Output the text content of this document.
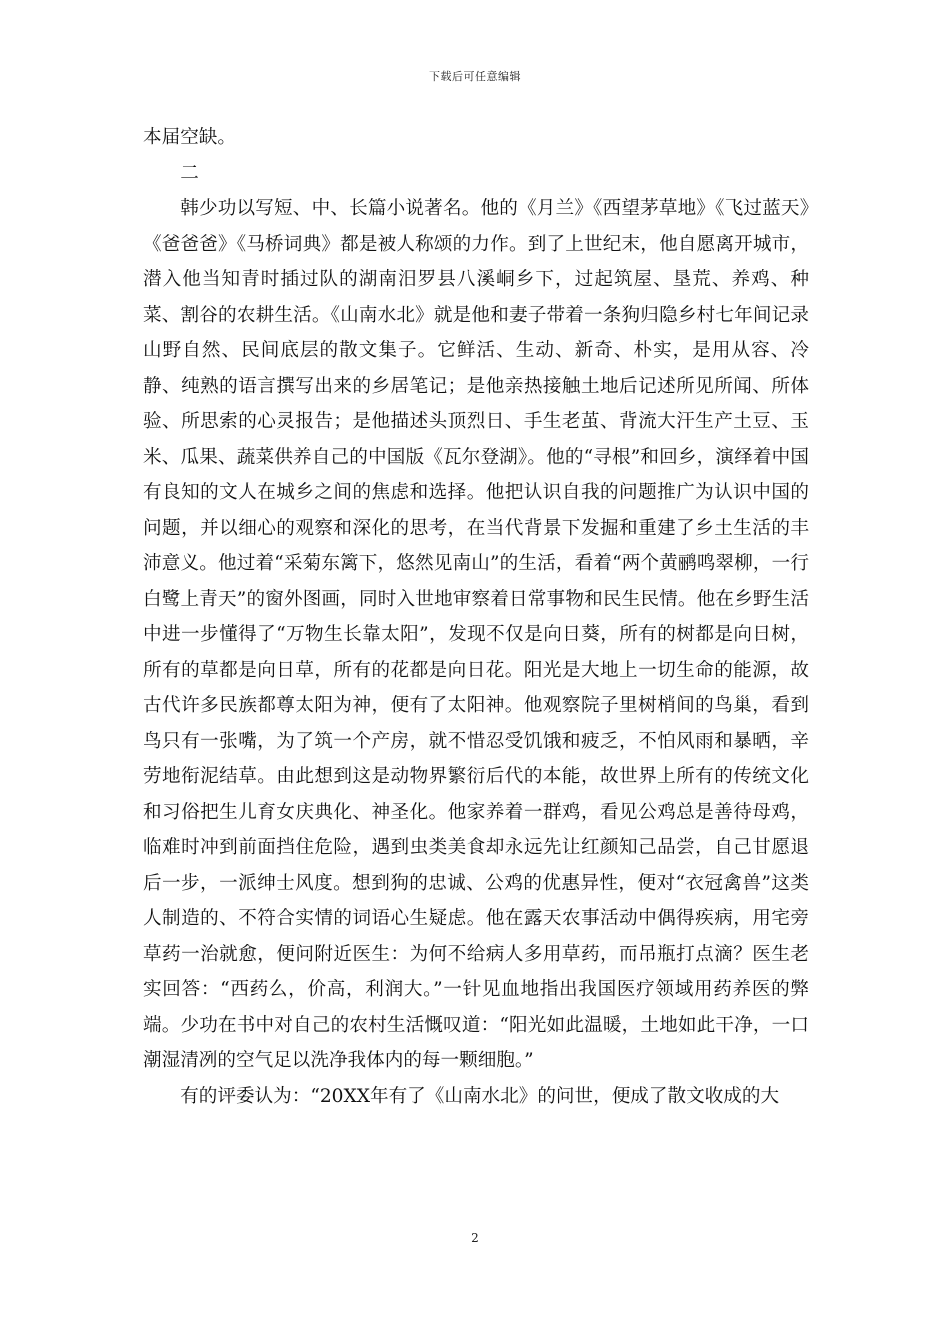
下载后可任意编辑

本届空缺。

二

韩少功以写短、中、长篇小说著名。他的《月兰》《西望茅草地》《飞过蓝天》《爸爸爸》《马桥词典》都是被人称颂的力作。到了上世纪末，他自愿离开城市，潜入他当知青时插过队的湖南汨罗县八溪峒乡下，过起筑屋、垦荒、养鸡、种菜、割谷的农耕生活。《山南水北》就是他和妻子带着一条狗归隐乡村七年间记录山野自然、民间底层的散文集子。它鲜活、生动、新奇、朴实，是用从容、冷静、纯熟的语言撰写出来的乡居笔记；是他亲热接触土地后记述所见所闻、所体验、所思索的心灵报告；是他描述头顶烈日、手生老茧、背流大汗生产土豆、玉米、瓜果、蔬菜供养自己的中国版《瓦尔登湖》。他的“寻根”和回乡，演绎着中国有良知的文人在城乡之间的焦虑和选择。他把认识自我的问题推广为认识中国的问题，并以细心的观察和深化的思考，在当代背景下发掘和重建了乡土生活的丰沛意义。他过着“采菊东篱下，悠然见南山”的生活，看着“两个黄鹂鸣翠柳，一行白鹭上青天”的窗外图画，同时入世地审察着日常事物和民生民情。他在乡野生活中进一步懂得了“万物生长靠太阳”，发现不仅是向日葵，所有的树都是向日树，所有的草都是向日草，所有的花都是向日花。阳光是大地上一切生命的能源，故古代许多民族都尊太阳为神，便有了太阳神。他观察院子里树梢间的鸟巢，看到鸟只有一张嘴，为了筑一个产房，就不惜忍受饥饿和疲乏，不怕风雨和暴晒，辛劳地衔泥结草。由此想到这是动物界繁衍后代的本能，故世界上所有的传统文化和习俗把生儿育女庆典化、神圣化。他家养着一群鸡，看见公鸡总是善待母鸡，临难时冲到前面挡住危险，遇到虫类美食却永远先让红颜知己品尝，自己甘愿退后一步，一派绅士风度。想到狗的忠诚、公鸡的优惠异性，便对“衣冠禽兽”这类人制造的、不符合实情的词语心生疑虑。他在露天农事活动中偶得疾病，用宅旁草药一治就愈，便问附近医生：为何不给病人多用草药，而吊瓶打点滴？医生老实回答：“西药么，价高，利润大。”一针见血地指出我国医疗领域用药养医的弊端。少功在书中对自己的农村生活慨叹道：“阳光如此温暖，土地如此干净，一口潮湿清冽的空气足以洗净我体内的每一颗细胞。”

有的评委认为：“20XX年有了《山南水北》的问世，便成了散文收成的大

2
